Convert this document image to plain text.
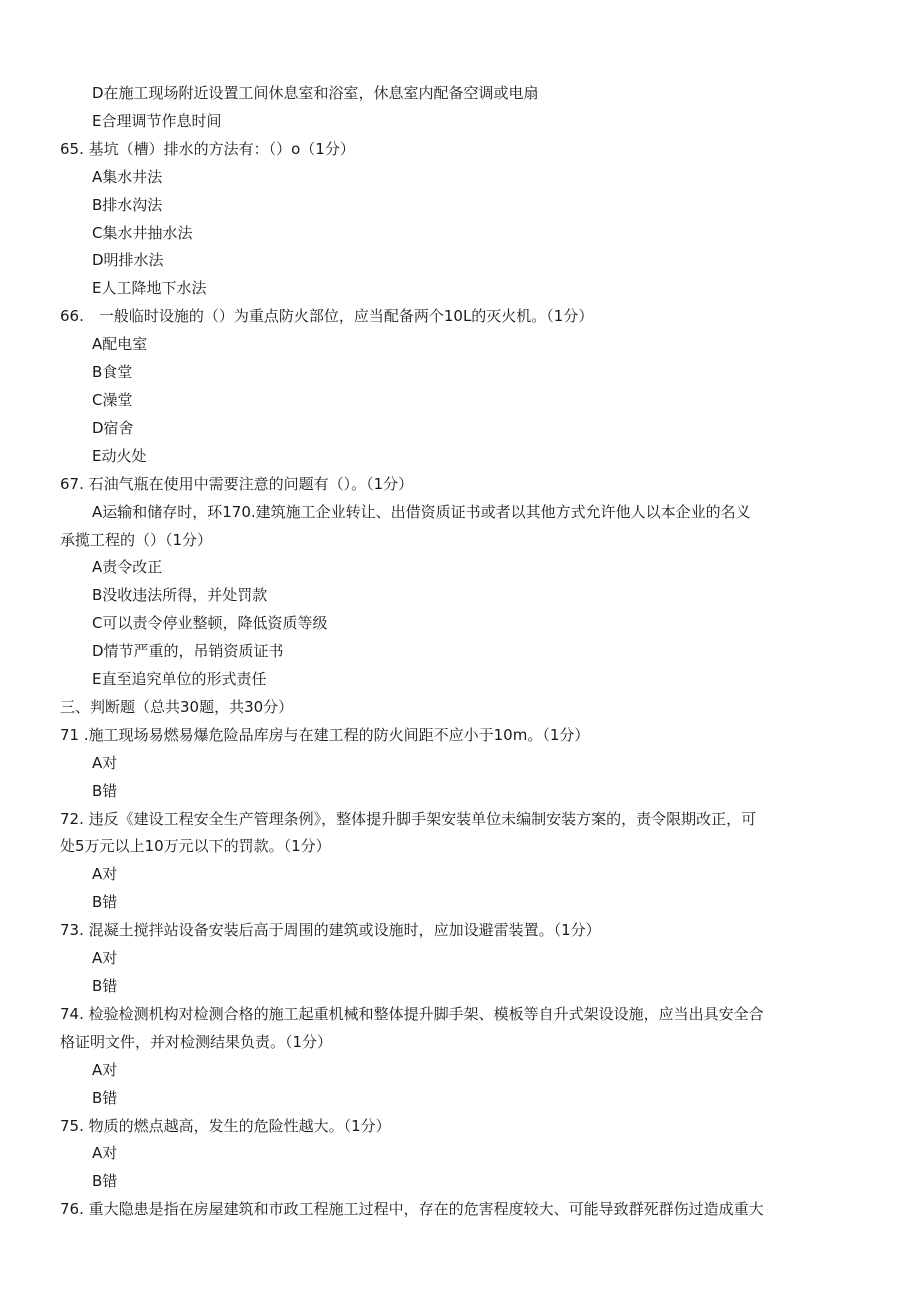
D在施工现场附近设置工间休息室和浴室，休息室内配备空调或电扇
E合理调节作息时间
65. 基坑（槽）排水的方法有：（）o（1分）
A集水井法
B排水沟法
C集水井抽水法
D明排水法
E人工降地下水法
66.　一般临时设施的（）为重点防火部位，应当配备两个10L的灭火机。（1分）
A配电室
B食堂
C澡堂
D宿舍
E动火处
67. 石油气瓶在使用中需要注意的问题有（）。（1分）
A运输和储存时，环170.建筑施工企业转让、出借资质证书或者以其他方式允许他人以本企业的名义
承揽工程的（）（1分）
A责令改正
B没收违法所得，并处罚款
C可以责令停业整顿，降低资质等级
D情节严重的，吊销资质证书
E直至追究单位的形式责任
三、判断题（总共30题，共30分）
71 .施工现场易燃易爆危险品库房与在建工程的防火间距不应小于10m。（1分）
A对
B错
72. 违反《建设工程安全生产管理条例》，整体提升脚手架安装单位未编制安装方案的，责令限期改正，可
处5万元以上10万元以下的罚款。（1分）
A对
B错
73. 混凝土搅拌站设备安装后高于周围的建筑或设施时，应加设避雷装置。（1分）
A对
B错
74. 检验检测机构对检测合格的施工起重机械和整体提升脚手架、模板等自升式架设设施，应当出具安全合
格证明文件，并对检测结果负责。（1分）
A对
B错
75. 物质的燃点越高，发生的危险性越大。（1分）
A对
B错
76. 重大隐患是指在房屋建筑和市政工程施工过程中，存在的危害程度较大、可能导致群死群伤过造成重大
